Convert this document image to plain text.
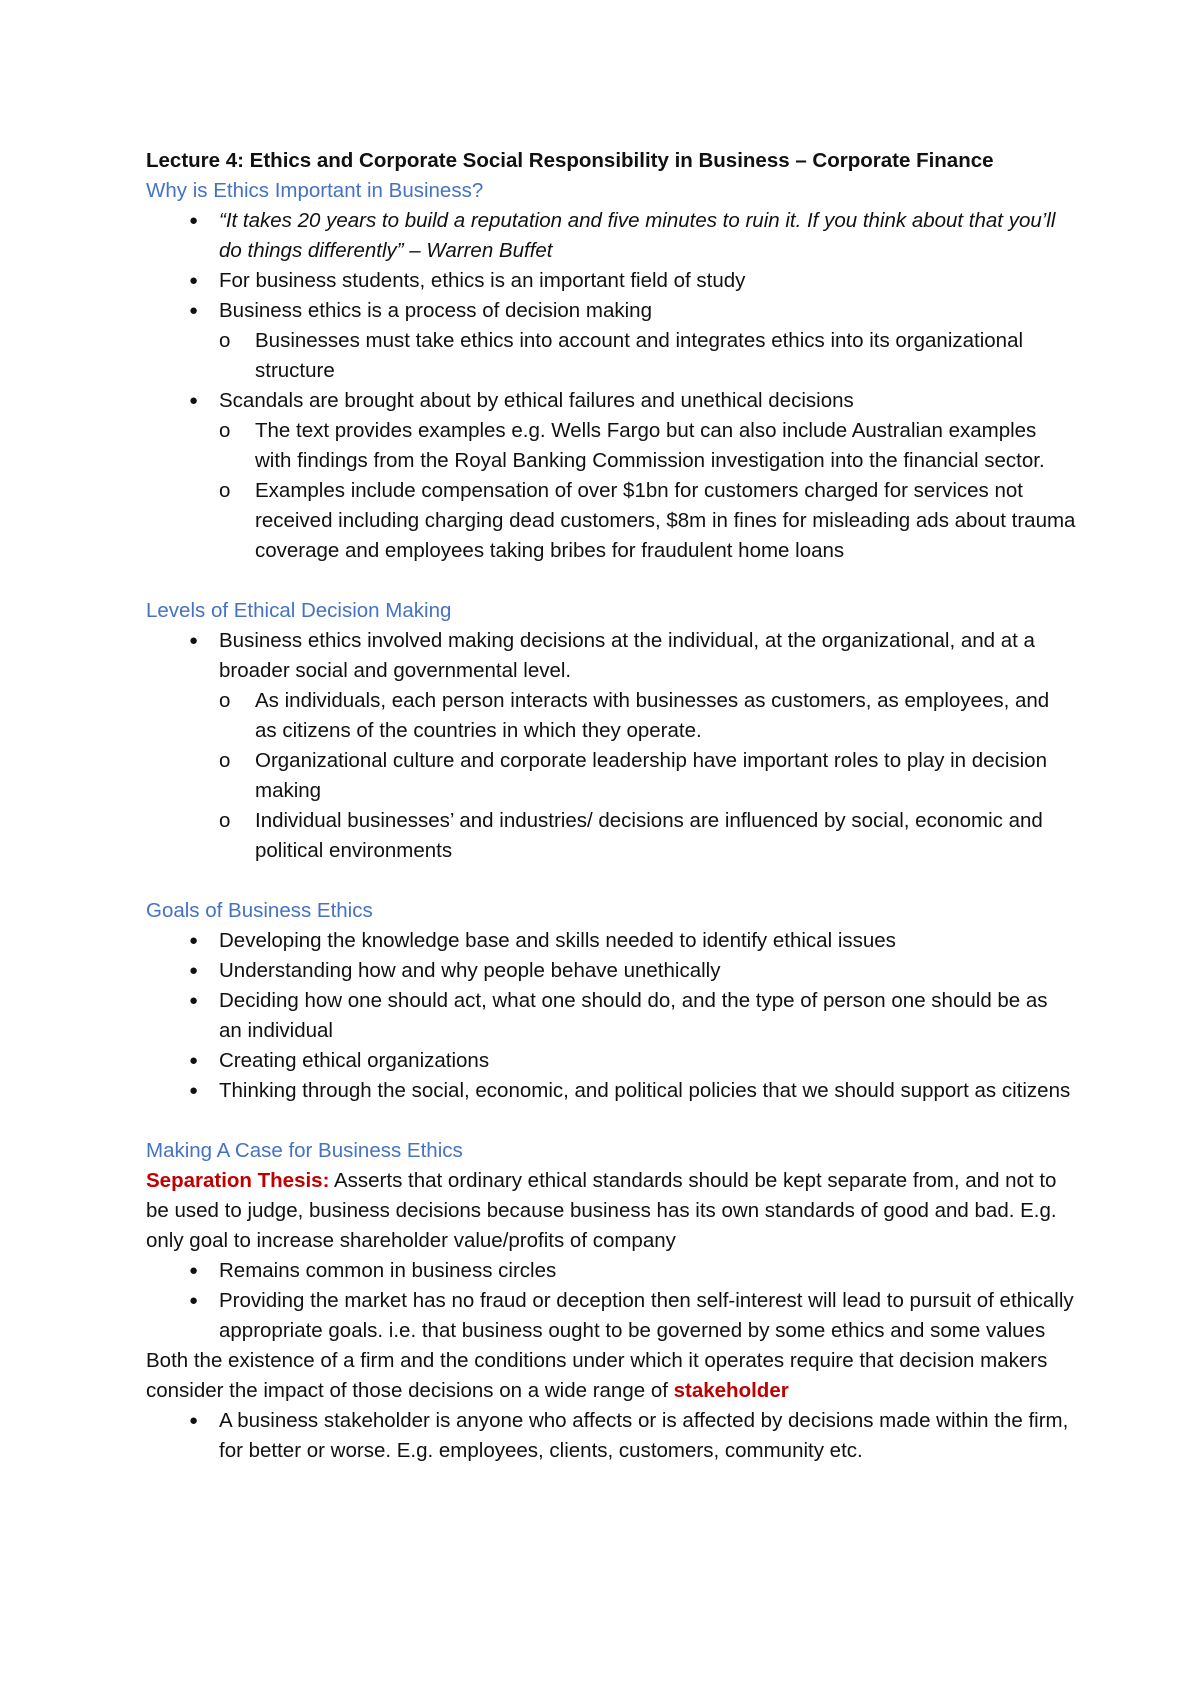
Lecture 4: Ethics and Corporate Social Responsibility in Business – Corporate Finance

Why is Ethics Important in Business?

● “It takes 20 years to build a reputation and five minutes to ruin it. If you think about that you’ll do things differently” – Warren Buffet
● For business students, ethics is an important field of study
● Business ethics is a process of decision making
o	Businesses must take ethics into account and integrates ethics into its organizational structure
● Scandals are brought about by ethical failures and unethical decisions
o	The text provides examples e.g. Wells Fargo but can also include Australian examples with findings from the Royal Banking Commission investigation into the financial sector.
o	Examples include compensation of over $1bn for customers charged for services not received including charging dead customers, $8m in fines for misleading ads about trauma coverage and employees taking bribes for fraudulent home loans

Levels of Ethical Decision Making

● Business ethics involved making decisions at the individual, at the organizational, and at a broader social and governmental level.
o	As individuals, each person interacts with businesses as customers, as employees, and as citizens of the countries in which they operate.
o	Organizational culture and corporate leadership have important roles to play in decision making
o	Individual businesses’ and industries/ decisions are influenced by social, economic and political environments

Goals of Business Ethics

● Developing the knowledge base and skills needed to identify ethical issues
● Understanding how and why people behave unethically
● Deciding how one should act, what one should do, and the type of person one should be as an individual
● Creating ethical organizations
● Thinking through the social, economic, and political policies that we should support as citizens

Making A Case for Business Ethics

Separation Thesis: Asserts that ordinary ethical standards should be kept separate from, and not to be used to judge, business decisions because business has its own standards of good and bad. E.g. only goal to increase shareholder value/profits of company

● Remains common in business circles
● Providing the market has no fraud or deception then self-interest will lead to pursuit of ethically appropriate goals. i.e. that business ought to be governed by some ethics and some values

Both the existence of a firm and the conditions under which it operates require that decision makers consider the impact of those decisions on a wide range of stakeholder

● A business stakeholder is anyone who affects or is affected by decisions made within the firm, for better or worse. E.g. employees, clients, customers, community etc.
